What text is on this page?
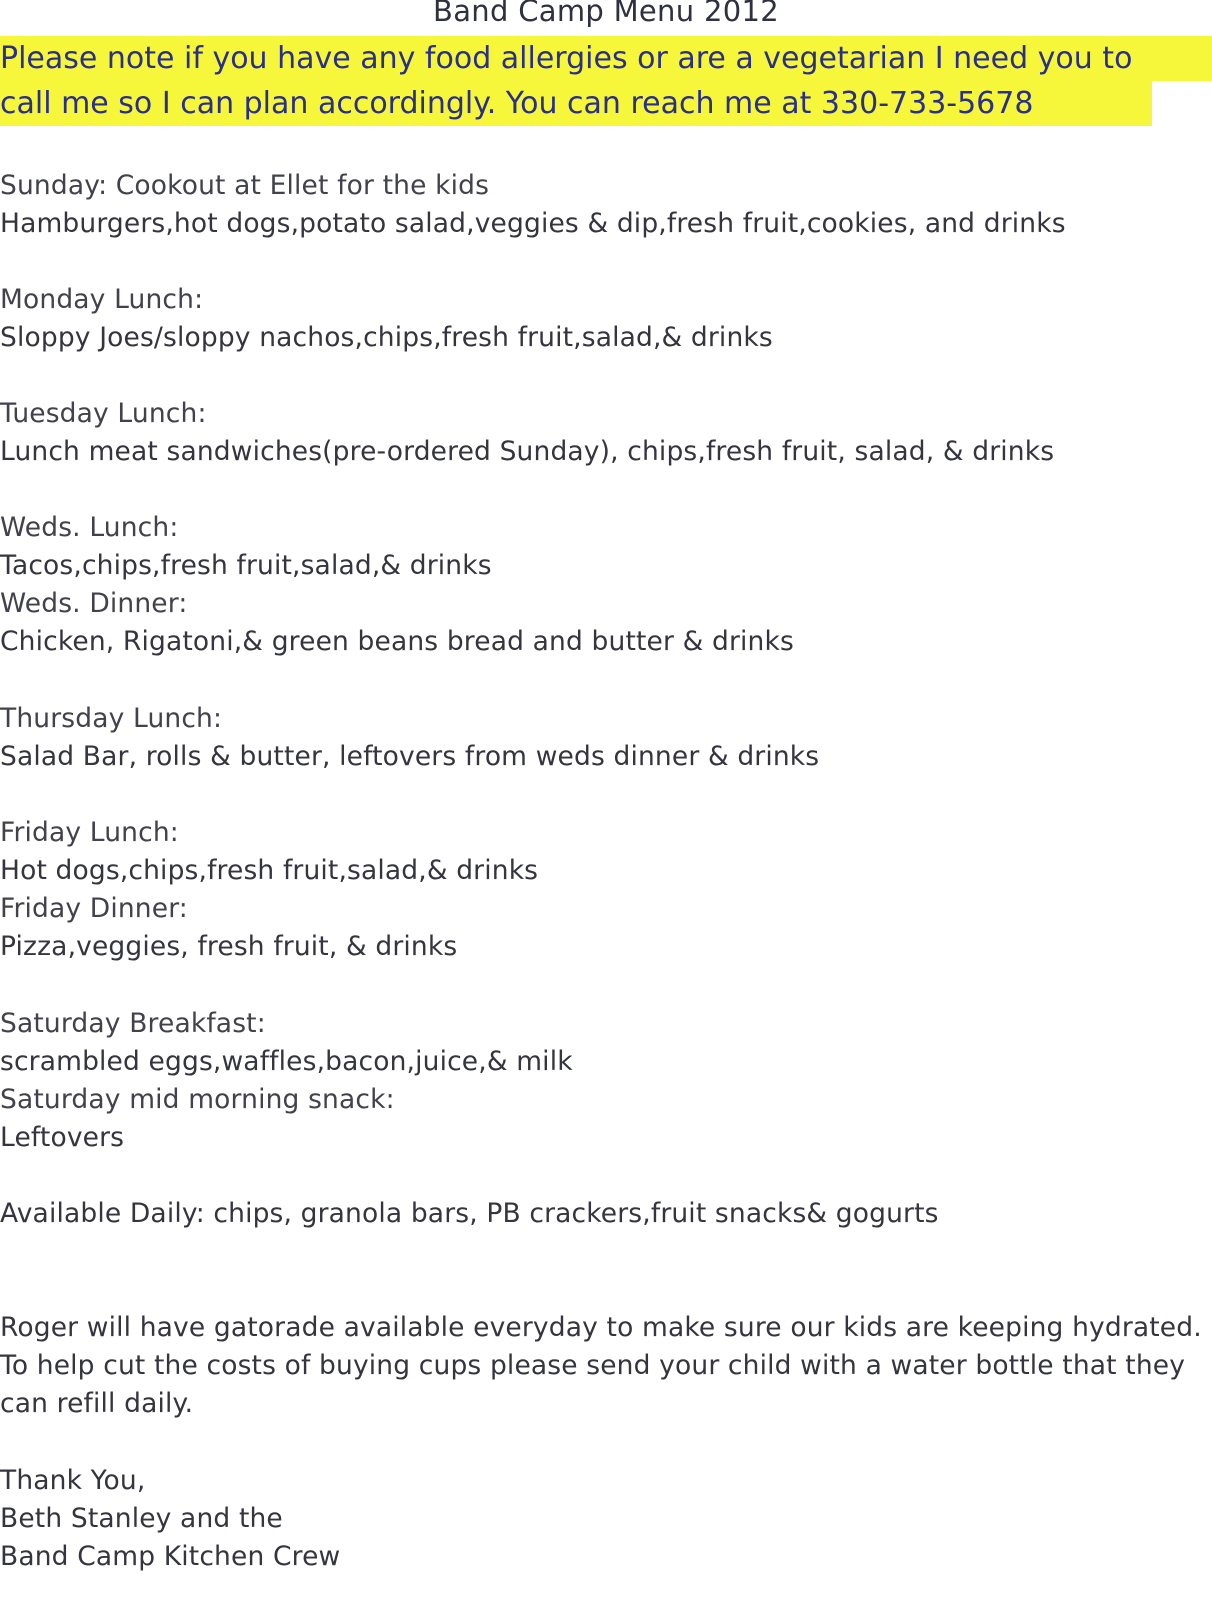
Band Camp Menu 2012
Please note if you have any food allergies or are a vegetarian I need you to
call me so I can plan accordingly. You can reach me at 330-733-5678
Sunday: Cookout at Ellet for the kids
Hamburgers,hot dogs,potato salad,veggies & dip,fresh fruit,cookies, and drinks
Monday Lunch:
Sloppy Joes/sloppy nachos,chips,fresh fruit,salad,& drinks
Tuesday Lunch:
Lunch meat sandwiches(pre-ordered Sunday), chips,fresh fruit, salad, & drinks
Weds. Lunch:
Tacos,chips,fresh fruit,salad,& drinks
Weds. Dinner:
Chicken, Rigatoni,& green beans bread and butter & drinks
Thursday Lunch:
Salad Bar, rolls & butter, leftovers from weds dinner & drinks
Friday Lunch:
Hot dogs,chips,fresh fruit,salad,& drinks
Friday Dinner:
Pizza,veggies, fresh fruit, & drinks
Saturday Breakfast:
scrambled eggs,waffles,bacon,juice,& milk
Saturday mid morning snack:
Leftovers
Available Daily: chips, granola bars, PB crackers,fruit snacks& gogurts
Roger will have gatorade available everyday to make sure our kids are keeping hydrated.
To help cut the costs of buying cups please send your child with a water bottle that they
can refill daily.
Thank You,
Beth Stanley and the
Band Camp Kitchen Crew
